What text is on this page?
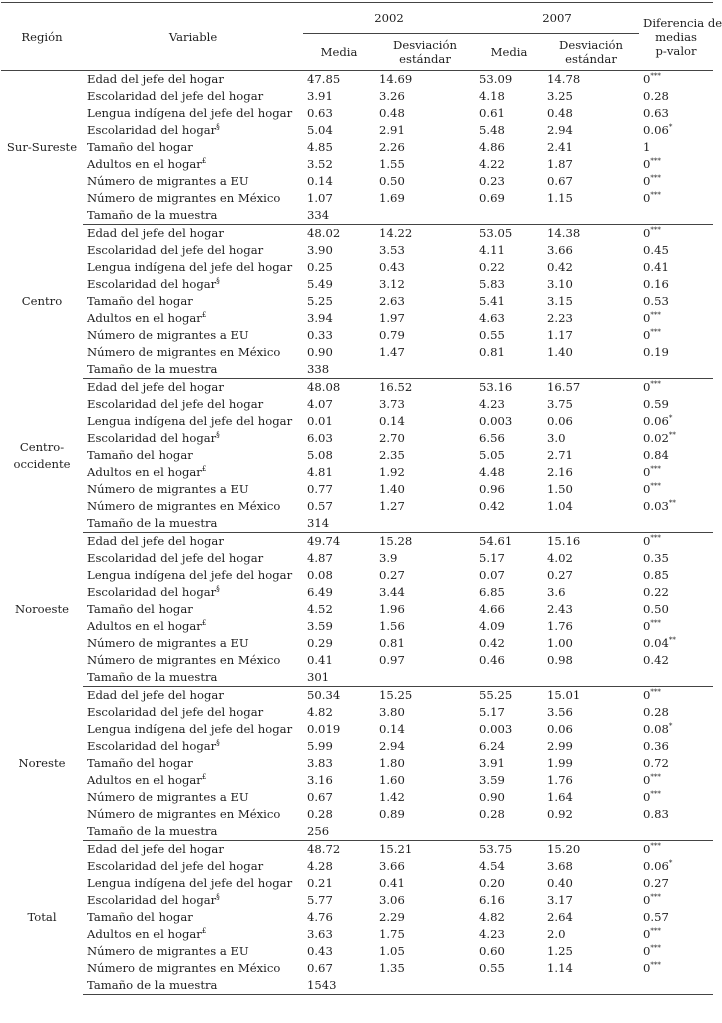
Región	Variable	2002		2007		Diferencia de
medias
p-valor
		Media	Desviación
estándar	Media	Desviación
estándar	
Sur-Sureste	Edad del jefe del hogar	47.85	14.69	53.09	14.78	0***
	Escolaridad del jefe del hogar	3.91	3.26	4.18	3.25	0.28
	Lengua indígena del jefe del hogar	0.63	0.48	0.61	0.48	0.63
	Escolaridad del hogar§	5.04	2.91	5.48	2.94	0.06*
	Tamaño del hogar	4.85	2.26	4.86	2.41	1
	Adultos en el hogar£	3.52	1.55	4.22	1.87	0***
	Número de migrantes a EU	0.14	0.50	0.23	0.67	0***
	Número de migrantes en México	1.07	1.69	0.69	1.15	0***
	Tamaño de la muestra	334				
Centro	Edad del jefe del hogar	48.02	14.22	53.05	14.38	0***
	Escolaridad del jefe del hogar	3.90	3.53	4.11	3.66	0.45
	Lengua indígena del jefe del hogar	0.25	0.43	0.22	0.42	0.41
	Escolaridad del hogar§	5.49	3.12	5.83	3.10	0.16
	Tamaño del hogar	5.25	2.63	5.41	3.15	0.53
	Adultos en el hogar£	3.94	1.97	4.63	2.23	0***
	Número de migrantes a EU	0.33	0.79	0.55	1.17	0***
	Número de migrantes en México	0.90	1.47	0.81	1.40	0.19
	Tamaño de la muestra	338				
Centro-
occidente	Edad del jefe del hogar	48.08	16.52	53.16	16.57	0***
	Escolaridad del jefe del hogar	4.07	3.73	4.23	3.75	0.59
	Lengua indígena del jefe del hogar	0.01	0.14	0.003	0.06	0.06*
	Escolaridad del hogar§	6.03	2.70	6.56	3.0	0.02**
	Tamaño del hogar	5.08	2.35	5.05	2.71	0.84
	Adultos en el hogar£	4.81	1.92	4.48	2.16	0***
	Número de migrantes a EU	0.77	1.40	0.96	1.50	0***
	Número de migrantes en México	0.57	1.27	0.42	1.04	0.03**
	Tamaño de la muestra	314				
Noroeste	Edad del jefe del hogar	49.74	15.28	54.61	15.16	0***
	Escolaridad del jefe del hogar	4.87	3.9	5.17	4.02	0.35
	Lengua indígena del jefe del hogar	0.08	0.27	0.07	0.27	0.85
	Escolaridad del hogar§	6.49	3.44	6.85	3.6	0.22
	Tamaño del hogar	4.52	1.96	4.66	2.43	0.50
	Adultos en el hogar£	3.59	1.56	4.09	1.76	0***
	Número de migrantes a EU	0.29	0.81	0.42	1.00	0.04**
	Número de migrantes en México	0.41	0.97	0.46	0.98	0.42
	Tamaño de la muestra	301				
Noreste	Edad del jefe del hogar	50.34	15.25	55.25	15.01	0***
	Escolaridad del jefe del hogar	4.82	3.80	5.17	3.56	0.28
	Lengua indígena del jefe del hogar	0.019	0.14	0.003	0.06	0.08*
	Escolaridad del hogar§	5.99	2.94	6.24	2.99	0.36
	Tamaño del hogar	3.83	1.80	3.91	1.99	0.72
	Adultos en el hogar£	3.16	1.60	3.59	1.76	0***
	Número de migrantes a EU	0.67	1.42	0.90	1.64	0***
	Número de migrantes en México	0.28	0.89	0.28	0.92	0.83
	Tamaño de la muestra	256				
Total	Edad del jefe del hogar	48.72	15.21	53.75	15.20	0***
	Escolaridad del jefe del hogar	4.28	3.66	4.54	3.68	0.06*
	Lengua indígena del jefe del hogar	0.21	0.41	0.20	0.40	0.27
	Escolaridad del hogar§	5.77	3.06	6.16	3.17	0***
	Tamaño del hogar	4.76	2.29	4.82	2.64	0.57
	Adultos en el hogar£	3.63	1.75	4.23	2.0	0***
	Número de migrantes a EU	0.43	1.05	0.60	1.25	0***
	Número de migrantes en México	0.67	1.35	0.55	1.14	0***
	Tamaño de la muestra	1543				
